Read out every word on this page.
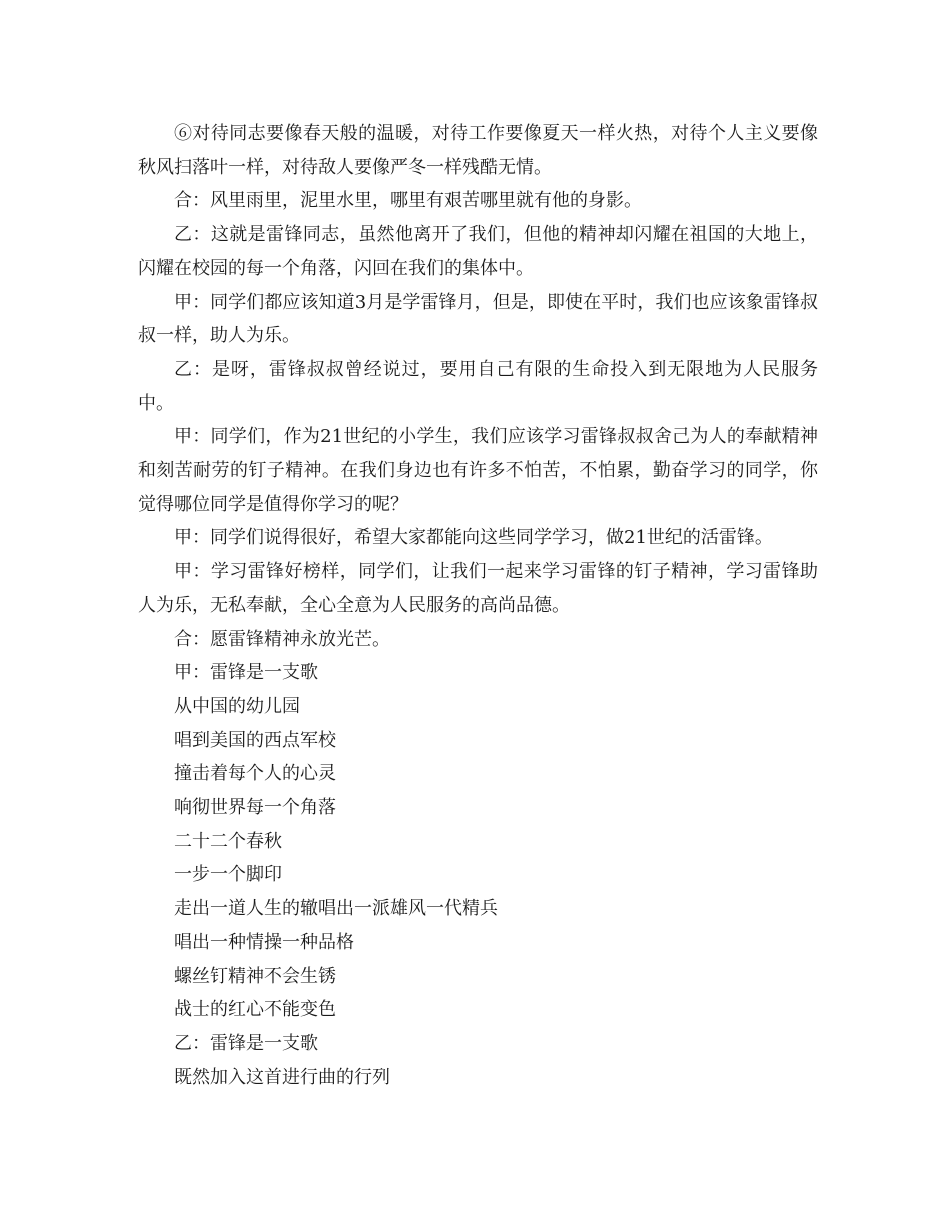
⑥对待同志要像春天般的温暖，对待工作要像夏天一样火热，对待个人主义要像秋风扫落叶一样，对待敌人要像严冬一样残酷无情。

合：风里雨里，泥里水里，哪里有艰苦哪里就有他的身影。

乙：这就是雷锋同志，虽然他离开了我们，但他的精神却闪耀在祖国的大地上，闪耀在校园的每一个角落，闪回在我们的集体中。

甲：同学们都应该知道3月是学雷锋月，但是，即使在平时，我们也应该象雷锋叔叔一样，助人为乐。

乙：是呀，雷锋叔叔曾经说过，要用自己有限的生命投入到无限地为人民服务中。

甲：同学们，作为21世纪的小学生，我们应该学习雷锋叔叔舍己为人的奉献精神和刻苦耐劳的钉子精神。在我们身边也有许多不怕苦，不怕累，勤奋学习的同学，你觉得哪位同学是值得你学习的呢？

甲：同学们说得很好，希望大家都能向这些同学学习，做21世纪的活雷锋。

甲：学习雷锋好榜样，同学们，让我们一起来学习雷锋的钉子精神，学习雷锋助人为乐，无私奉献，全心全意为人民服务的高尚品德。

合：愿雷锋精神永放光芒。

甲：雷锋是一支歌

从中国的幼儿园

唱到美国的西点军校

撞击着每个人的心灵

响彻世界每一个角落

二十二个春秋

一步一个脚印

走出一道人生的辙唱出一派雄风一代精兵

唱出一种情操一种品格

螺丝钉精神不会生锈

战士的红心不能变色

乙：雷锋是一支歌

既然加入这首进行曲的行列
